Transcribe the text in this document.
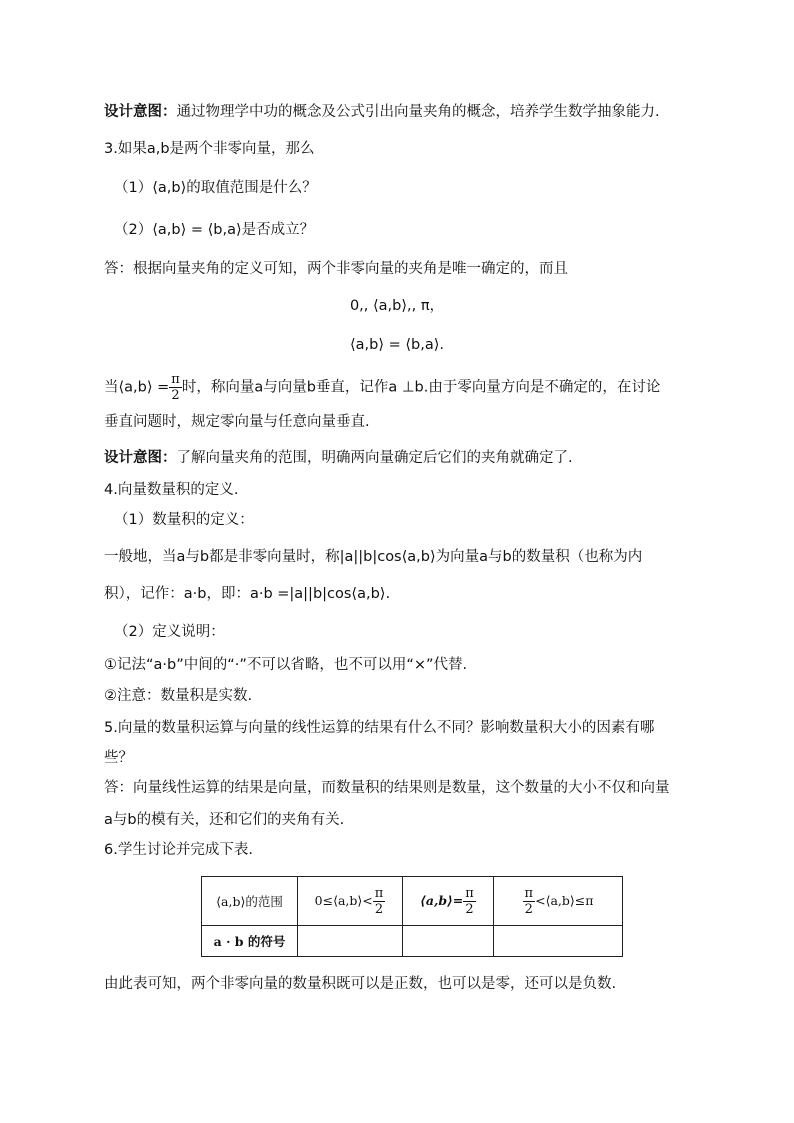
设计意图：通过物理学中功的概念及公式引出向量夹角的概念，培养学生数学抽象能力.
3.如果a,b是两个非零向量，那么
（1）⟨a,b⟩的取值范围是什么？
（2）⟨a,b⟩ = ⟨b,a⟩是否成立？
答：根据向量夹角的定义可知，两个非零向量的夹角是唯一确定的，而且
0,, ⟨a,b⟩,, π，
⟨a,b⟩ = ⟨b,a⟩.
当⟨a,b⟩ = $\frac{\pi}{2}$ 时，称向量a与向量b垂直，记作a ⊥b.由于零向量方向是不确定的，在讨论
垂直问题时，规定零向量与任意向量垂直.
设计意图：了解向量夹角的范围，明确两向量确定后它们的夹角就确定了.
4.向量数量积的定义.
（1）数量积的定义：
一般地，当a与b都是非零向量时，称|a||b|cos⟨a,b⟩为向量a与b的数量积（也称为内
积），记作：a·b，即：a·b =|a||b|cos⟨a,b⟩.
（2）定义说明：
①记法“a·b”中间的“·”不可以省略，也不可以用“×”代替.
②注意：数量积是实数.
5.向量的数量积运算与向量的线性运算的结果有什么不同？影响数量积大小的因素有哪
些？
答：向量线性运算的结果是向量，而数量积的结果则是数量，这个数量的大小不仅和向量
a与b的模有关，还和它们的夹角有关.
6.学生讨论并完成下表.
⟨a,b⟩的范围	0≤⟨a,b⟩< $\frac{\pi}{2}$	⟨a,b⟩= $\frac{\pi}{2}$	$\frac{\pi}{2}$ <⟨a,b⟩≤π
a · b 的符号			
由此表可知，两个非零向量的数量积既可以是正数，也可以是零，还可以是负数.
